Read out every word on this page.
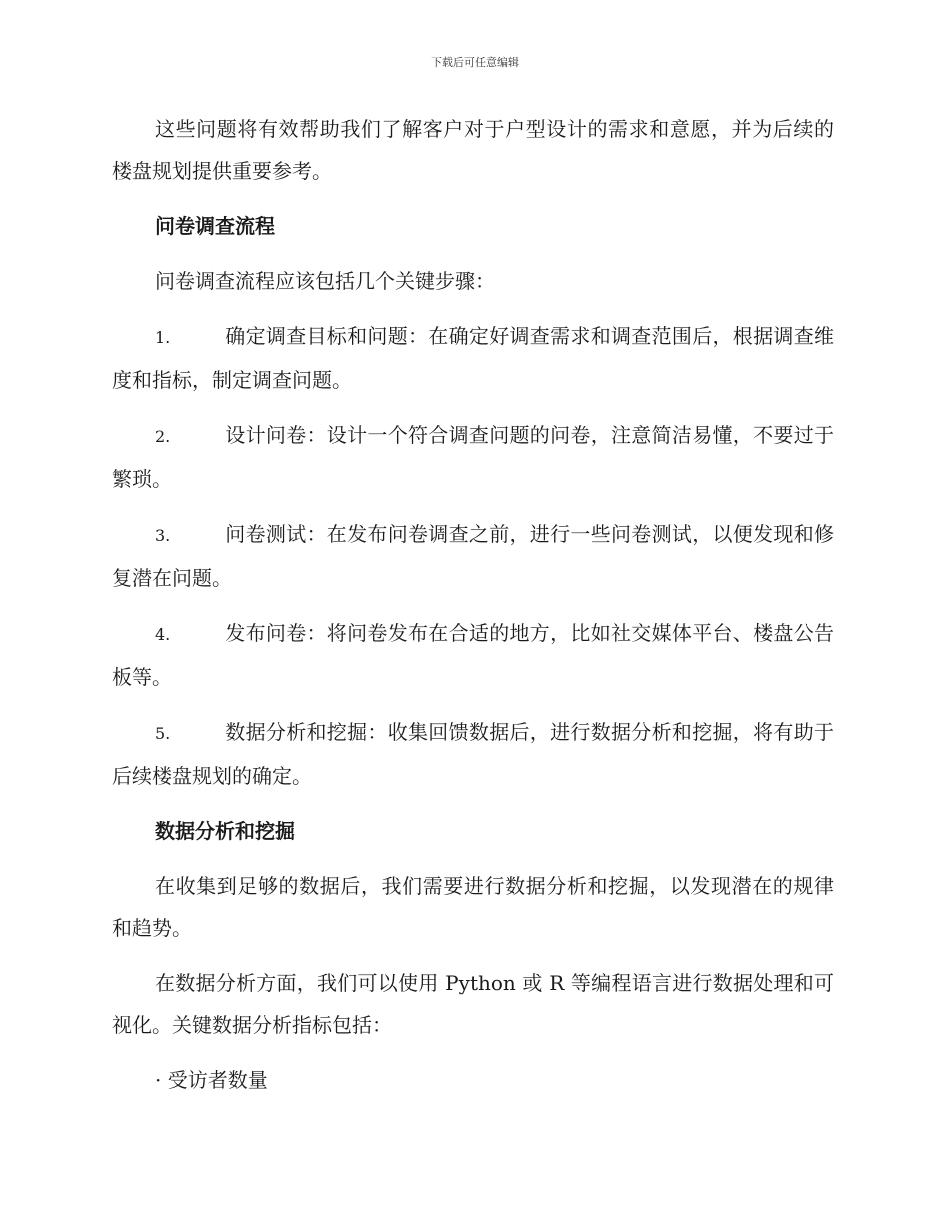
下载后可任意编辑

这些问题将有效帮助我们了解客户对于户型设计的需求和意愿，并为后续的楼盘规划提供重要参考。

问卷调查流程

问卷调查流程应该包括几个关键步骤：

1.	确定调查目标和问题：在确定好调查需求和调查范围后，根据调查维度和指标，制定调查问题。

2.	设计问卷：设计一个符合调查问题的问卷，注意简洁易懂，不要过于繁琐。

3.	问卷测试：在发布问卷调查之前，进行一些问卷测试，以便发现和修复潜在问题。

4.	发布问卷：将问卷发布在合适的地方，比如社交媒体平台、楼盘公告板等。

5.	数据分析和挖掘：收集回馈数据后，进行数据分析和挖掘，将有助于后续楼盘规划的确定。

数据分析和挖掘

在收集到足够的数据后，我们需要进行数据分析和挖掘，以发现潜在的规律和趋势。

在数据分析方面，我们可以使用 Python 或 R 等编程语言进行数据处理和可视化。关键数据分析指标包括：

· 受访者数量
